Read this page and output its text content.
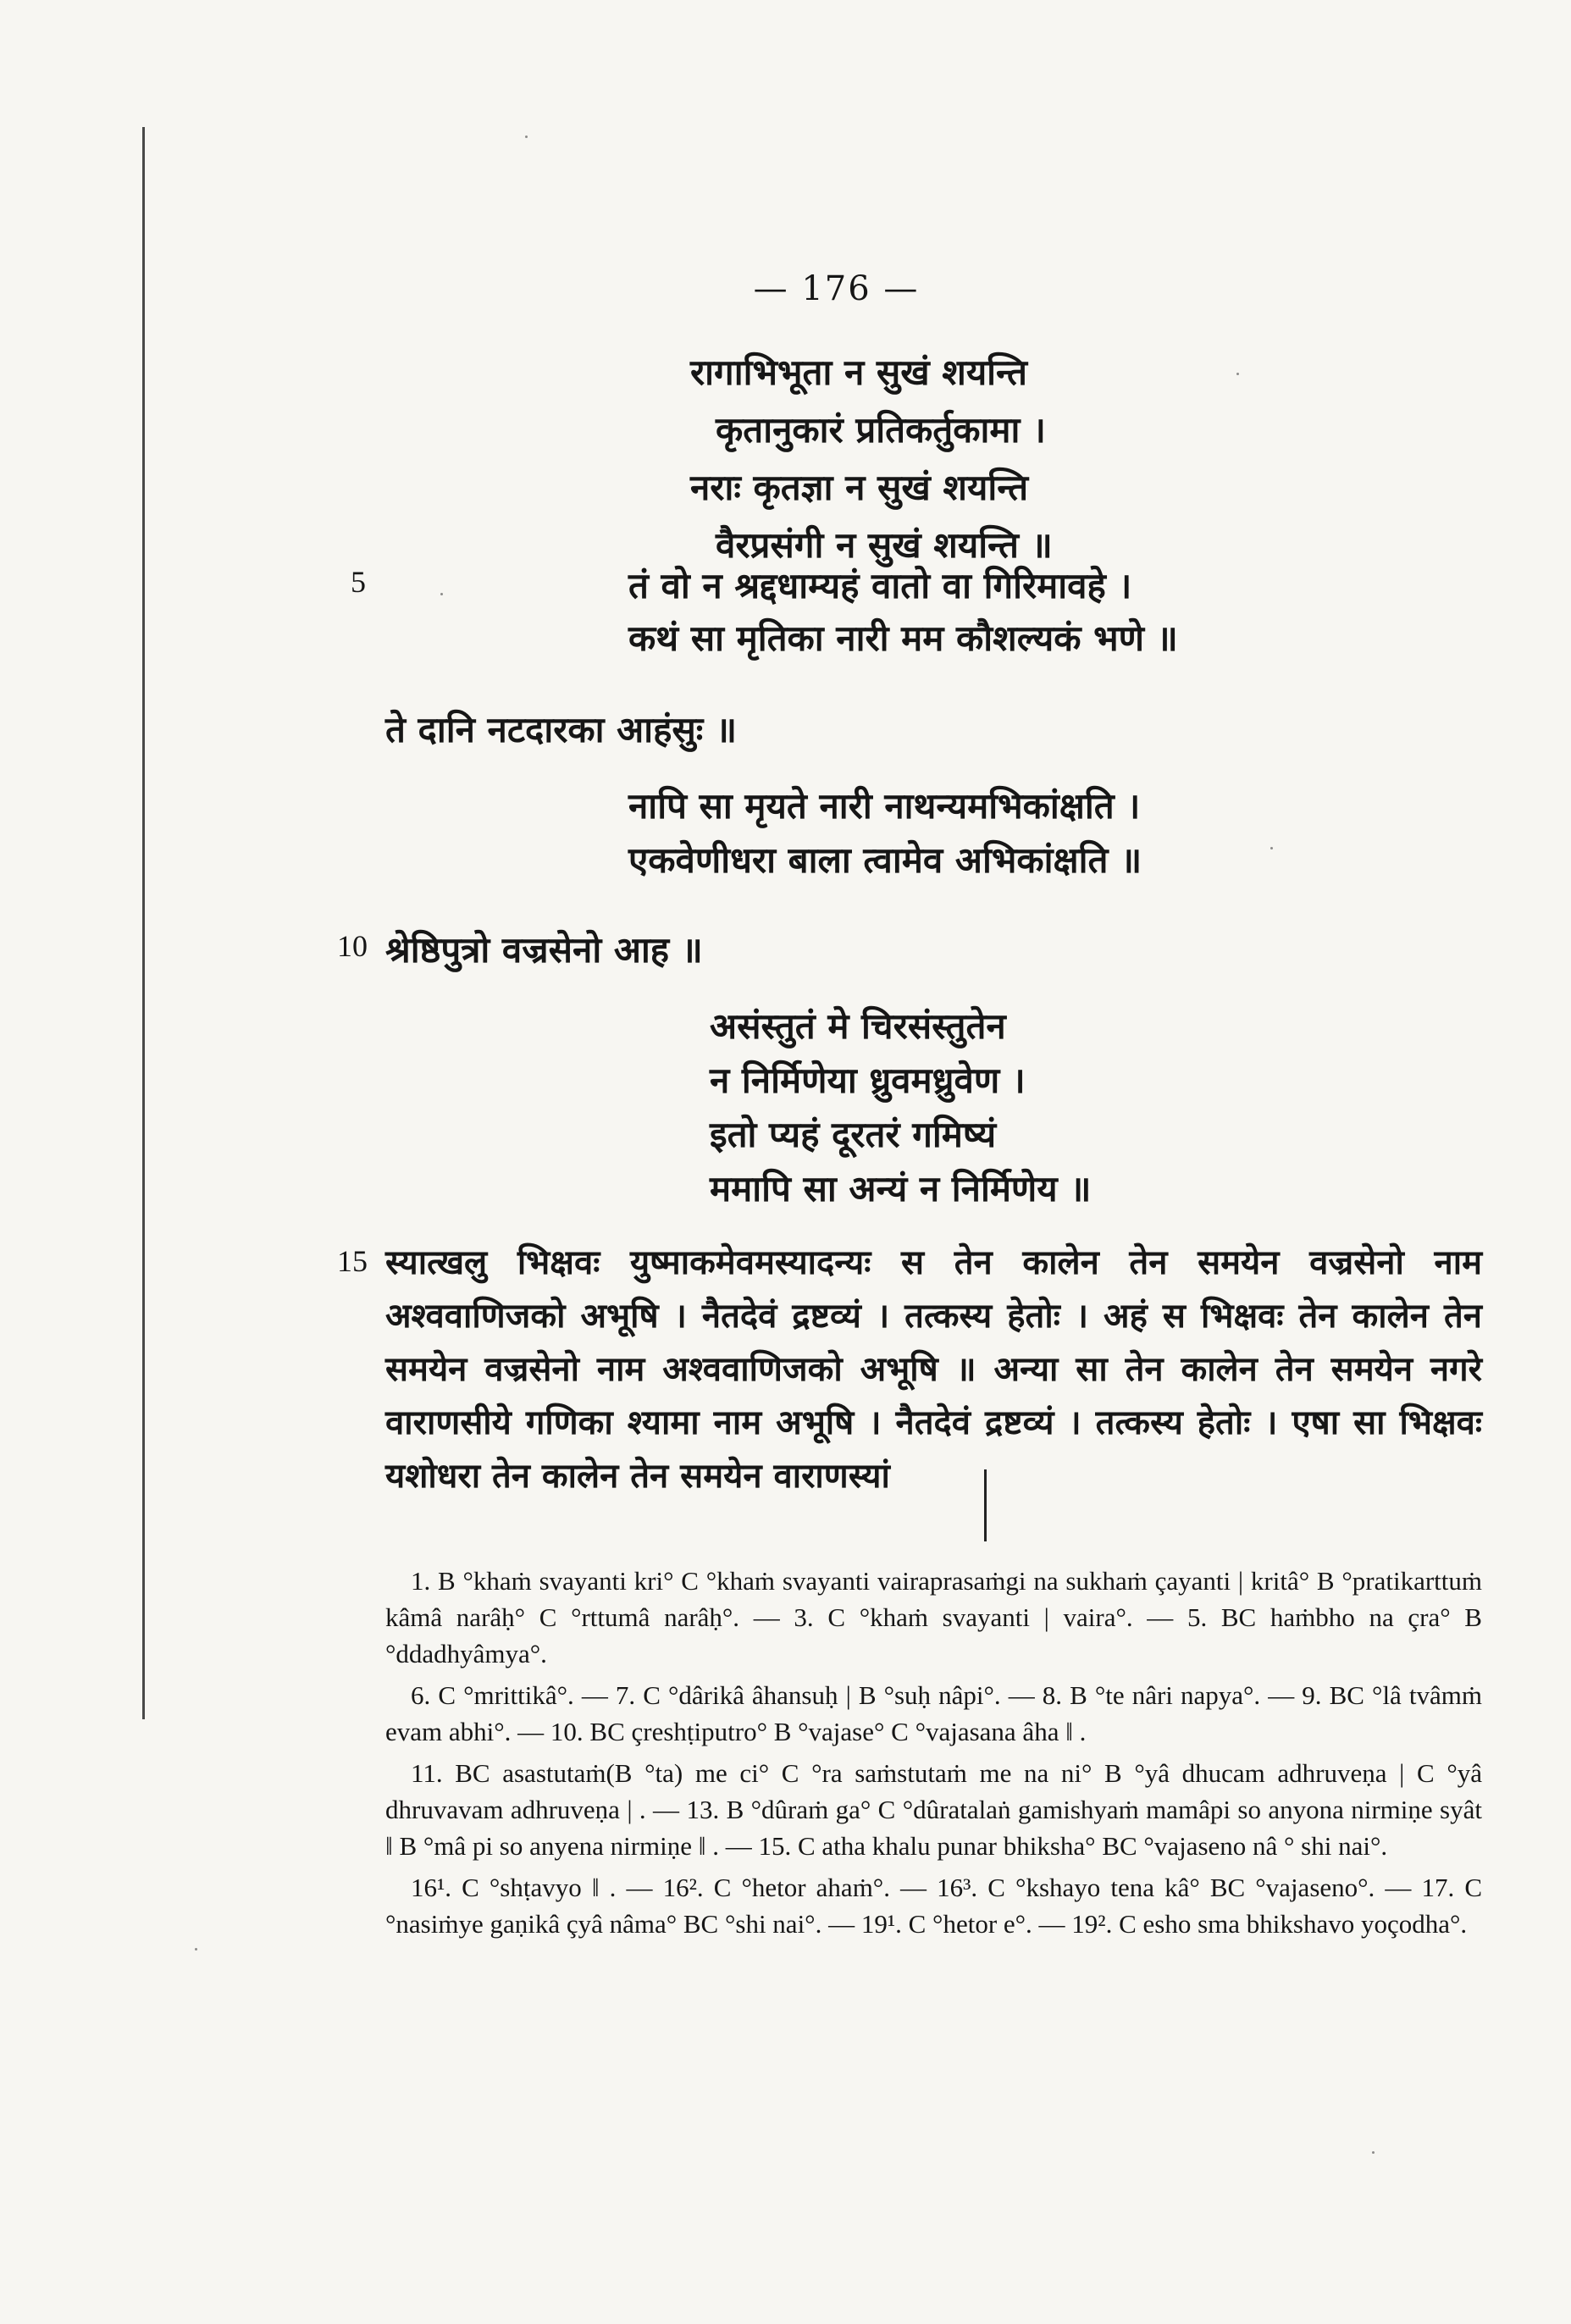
— 176 —
रागाभिभूता न सुखं शयन्ति
कृतानुकारं प्रतिकर्तुकामा ।
नराः कृतज्ञा न सुखं शयन्ति
वैरप्रसंगी न सुखं शयन्ति ॥
5	तं वो न श्रद्दधाम्यहं वातो वा गिरिमावहे ।
कथं सा मृतिका नारी मम कौशल्यकं भणे ॥
ते दानि नटदारका आहंसुः ॥
नापि सा मृयते नारी नाथन्यमभिकांक्षति ।
एकवेणीधरा बाला त्वामेव अभिकांक्षति ॥
10 श्रेष्ठिपुत्रो वज्रसेनो आह ॥
असंस्तुतं मे चिरसंस्तुतेन
न निर्मिणेया ध्रुवमध्रुवेण ।
इतो प्यहं दूरतरं गमिष्यं
ममापि सा अन्यं न निर्मिणेय ॥
15 स्यात्खलु भिक्षवः युष्माकमेवमस्यादन्यः स तेन कालेन तेन समयेन वज्रसेनो नाम अश्ववाणिजको अभूषि । नैतदेवं द्रष्टव्यं । तत्कस्य हेतोः । अहं स भिक्षवः तेन कालेन तेन समयेन वज्रसेनो नाम अश्ववाणिजको अभूषि ॥ अन्या सा तेन कालेन तेन समयेन नगरे वाराणसीये गणिका श्यामा नाम अभूषि । नैतदेवं द्रष्टव्यं । तत्कस्य हेतोः । एषा सा भिक्षवः यशोधरा तेन कालेन तेन समयेन वाराणस्यां

1. B °khaṁ svayanti kri° C °khaṁ svayanti vairaprasaṁgi na sukhaṁ çayanti | kritâ° B °pratikarttuṁ kâmâ narâḥ° C °rttumâ narâḥ°. — 3. C °khaṁ svayanti | vaira°. — 5. BC haṁbho na çra° B °ddadhyâmya°.

6. C °mrittikâ°. — 7. C °dârikâ âhansuḥ | B °suḥ nâpi°. — 8. B °te nâri napya°. — 9. BC °lâ tvâmṁ evam abhi°. — 10. BC çreshṭiputro° B °vajase° C °vajasana âha ‖ .

11. BC asastutaṁ(B °ta) me ci° C °ra saṁstutaṁ me na ni° B °yâ dhucam adhruveṇa | C °yâ dhruvavam adhruveṇa | . — 13. B °dûraṁ ga° C °dûratalaṅ gamishyaṁ mamâpi so anyona nirmiṇe syât ‖ B °mâ pi so anyena nirmiṇe ‖ . — 15. C atha khalu punar bhiksha° BC °vajaseno nâ ° shi nai°.

16¹. C °shṭavyo ‖ . — 16². C °hetor ahaṁ°. — 16³. C °kshayo tena kâ° BC °vajaseno°. — 17. C °nasiṁye gaṇikâ çyâ nâma° BC °shi nai°. — 19¹. C °hetor e°. — 19². C esho sma bhikshavo yoçodha°.
